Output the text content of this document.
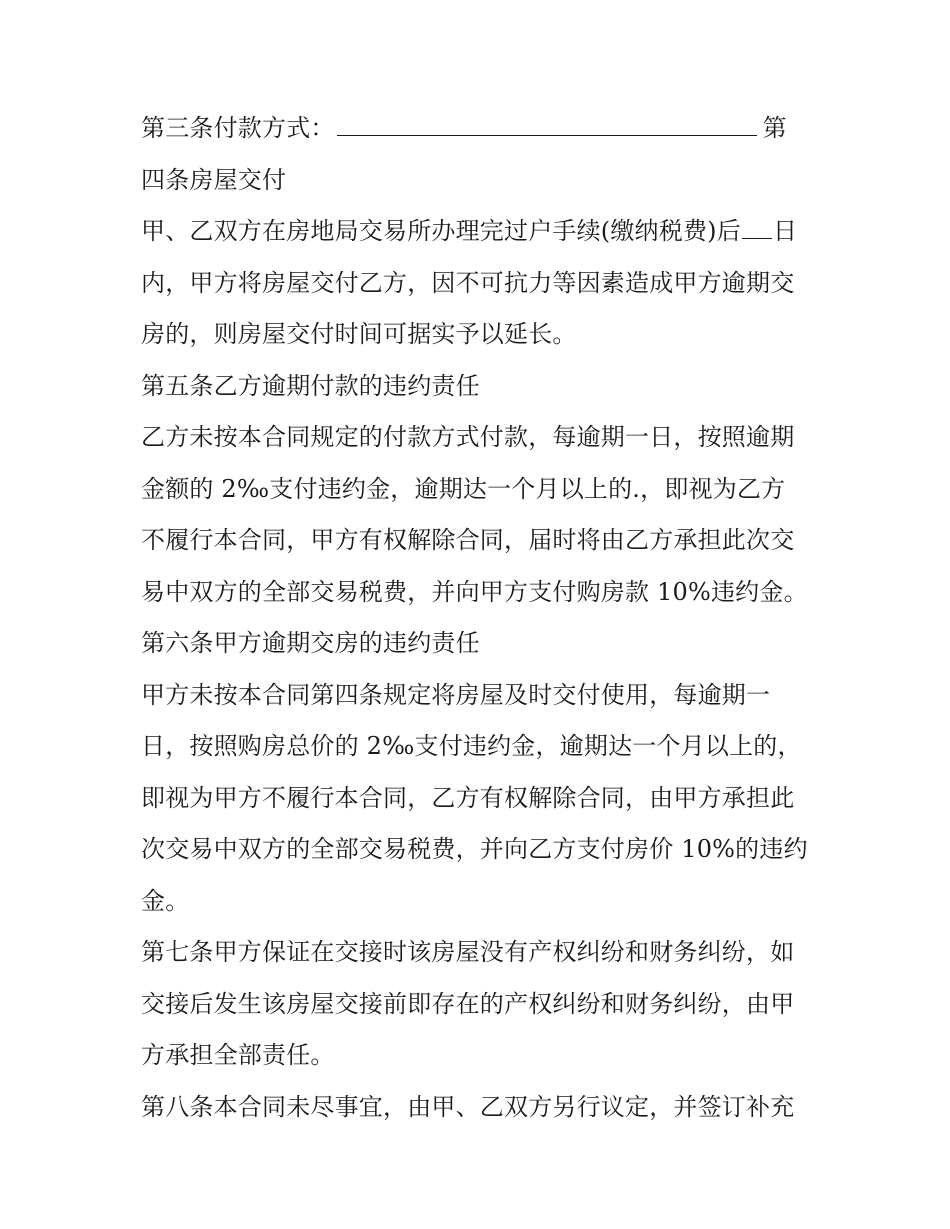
第三条付款方式：	第
四条房屋交付
甲、乙双方在房地局交易所办理完过户手续(缴纳税费)后 日
内，甲方将房屋交付乙方，因不可抗力等因素造成甲方逾期交
房的，则房屋交付时间可据实予以延长。
第五条乙方逾期付款的违约责任
乙方未按本合同规定的付款方式付款，每逾期一日，按照逾期
金额的 2‰支付违约金，逾期达一个月以上的.，即视为乙方
不履行本合同，甲方有权解除合同，届时将由乙方承担此次交
易中双方的全部交易税费，并向甲方支付购房款 10%违约金。
第六条甲方逾期交房的违约责任
甲方未按本合同第四条规定将房屋及时交付使用，每逾期一
日，按照购房总价的 2‰支付违约金，逾期达一个月以上的，
即视为甲方不履行本合同，乙方有权解除合同，由甲方承担此
次交易中双方的全部交易税费，并向乙方支付房价 10%的违约
金。
第七条甲方保证在交接时该房屋没有产权纠纷和财务纠纷，如
交接后发生该房屋交接前即存在的产权纠纷和财务纠纷，由甲
方承担全部责任。
第八条本合同未尽事宜，由甲、乙双方另行议定，并签订补充
